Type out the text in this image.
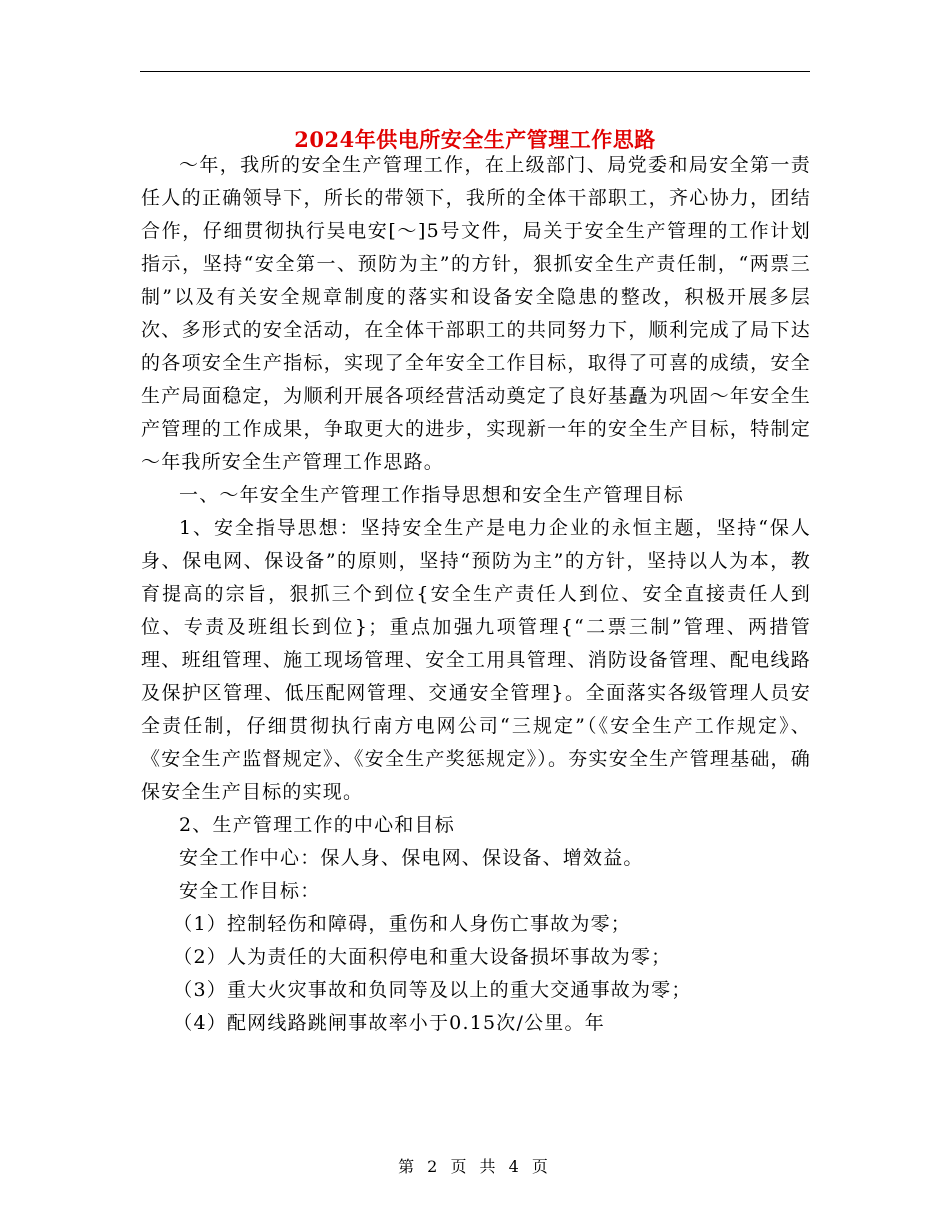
2024年供电所安全生产管理工作思路

～年，我所的安全生产管理工作，在上级部门、局党委和局安全第一责任人的正确领导下，所长的带领下，我所的全体干部职工，齐心协力，团结合作，仔细贯彻执行吴电安[～]5号文件，局关于安全生产管理的工作计划指示，坚持“安全第一、预防为主”的方针，狠抓安全生产责任制，“两票三制”以及有关安全规章制度的落实和设备安全隐患的整改，积极开展多层次、多形式的安全活动，在全体干部职工的共同努力下，顺利完成了局下达的各项安全生产指标，实现了全年安全工作目标，取得了可喜的成绩，安全生产局面稳定，为顺利开展各项经营活动奠定了良好基矗为巩固～年安全生产管理的工作成果，争取更大的进步，实现新一年的安全生产目标，特制定～年我所安全生产管理工作思路。

一、～年安全生产管理工作指导思想和安全生产管理目标

1、安全指导思想：坚持安全生产是电力企业的永恒主题，坚持“保人身、保电网、保设备”的原则，坚持“预防为主”的方针，坚持以人为本，教育提高的宗旨，狠抓三个到位{安全生产责任人到位、安全直接责任人到位、专责及班组长到位}；重点加强九项管理{“二票三制”管理、两措管理、班组管理、施工现场管理、安全工用具管理、消防设备管理、配电线路及保护区管理、低压配网管理、交通安全管理}。全面落实各级管理人员安全责任制，仔细贯彻执行南方电网公司“三规定”（《安全生产工作规定》、《安全生产监督规定》、《安全生产奖惩规定》）。夯实安全生产管理基础，确保安全生产目标的实现。

2、生产管理工作的中心和目标

安全工作中心：保人身、保电网、保设备、增效益。

安全工作目标：

（1）控制轻伤和障碍，重伤和人身伤亡事故为零；

（2）人为责任的大面积停电和重大设备损坏事故为零；

（3）重大火灾事故和负同等及以上的重大交通事故为零；

（4）配网线路跳闸事故率小于0.15次/公里。年

第 2 页 共 4 页
